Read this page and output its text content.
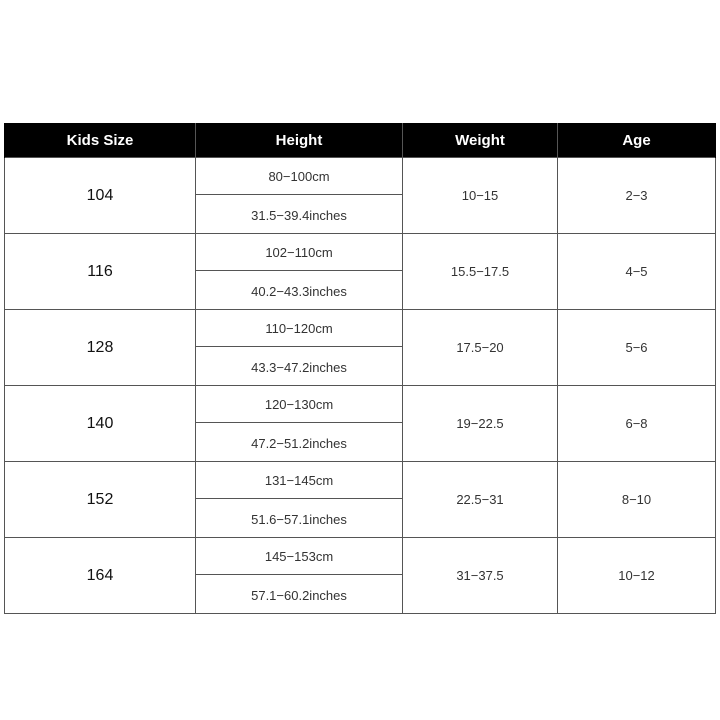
Kids Size	Height	Weight	Age
104	80−100cm	10−15	2−3
	31.5−39.4inches		
116	102−110cm	15.5−17.5	4−5
	40.2−43.3inches		
128	110−120cm	17.5−20	5−6
	43.3−47.2inches		
140	120−130cm	19−22.5	6−8
	47.2−51.2inches		
152	131−145cm	22.5−31	8−10
	51.6−57.1inches		
164	145−153cm	31−37.5	10−12
	57.1−60.2inches		
